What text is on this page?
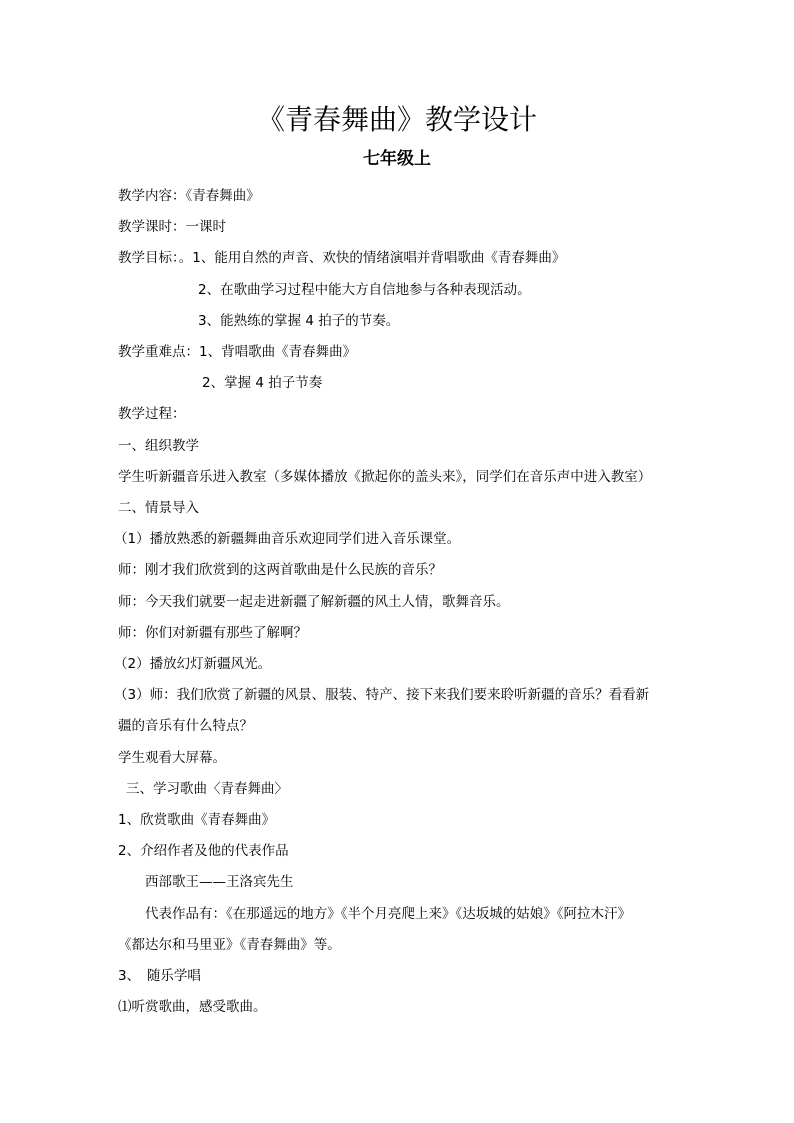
《青春舞曲》教学设计
七年级上
教学内容：《青春舞曲》
教学课时：一课时
教学目标：。1、能用自然的声音、欢快的情绪演唱并背唱歌曲《青春舞曲》
2、在歌曲学习过程中能大方自信地参与各种表现活动。
3、能熟练的掌握 4 拍子的节奏。
教学重难点：1、背唱歌曲《青春舞曲》
2、掌握 4 拍子节奏
教学过程：
一、组织教学
学生听新疆音乐进入教室（多媒体播放《掀起你的盖头来》，同学们在音乐声中进入教室）
二、情景导入
（1）播放熟悉的新疆舞曲音乐欢迎同学们进入音乐课堂。
师：刚才我们欣赏到的这两首歌曲是什么民族的音乐？
师：今天我们就要一起走进新疆了解新疆的风土人情，歌舞音乐。
师：你们对新疆有那些了解啊？
（2）播放幻灯新疆风光。
（3）师：我们欣赏了新疆的风景、服装、特产、接下来我们要来聆听新疆的音乐？看看新
疆的音乐有什么特点？
学生观看大屏幕。
三、学习歌曲〈青春舞曲〉
1、欣赏歌曲《青春舞曲》
2、介绍作者及他的代表作品
西部歌王——王洛宾先生
代表作品有：《在那遥远的地方》《半个月亮爬上来》《达坂城的姑娘》《阿拉木汗》
《都达尔和马里亚》《青春舞曲》等。
3、　随乐学唱
⑴听赏歌曲，感受歌曲。
